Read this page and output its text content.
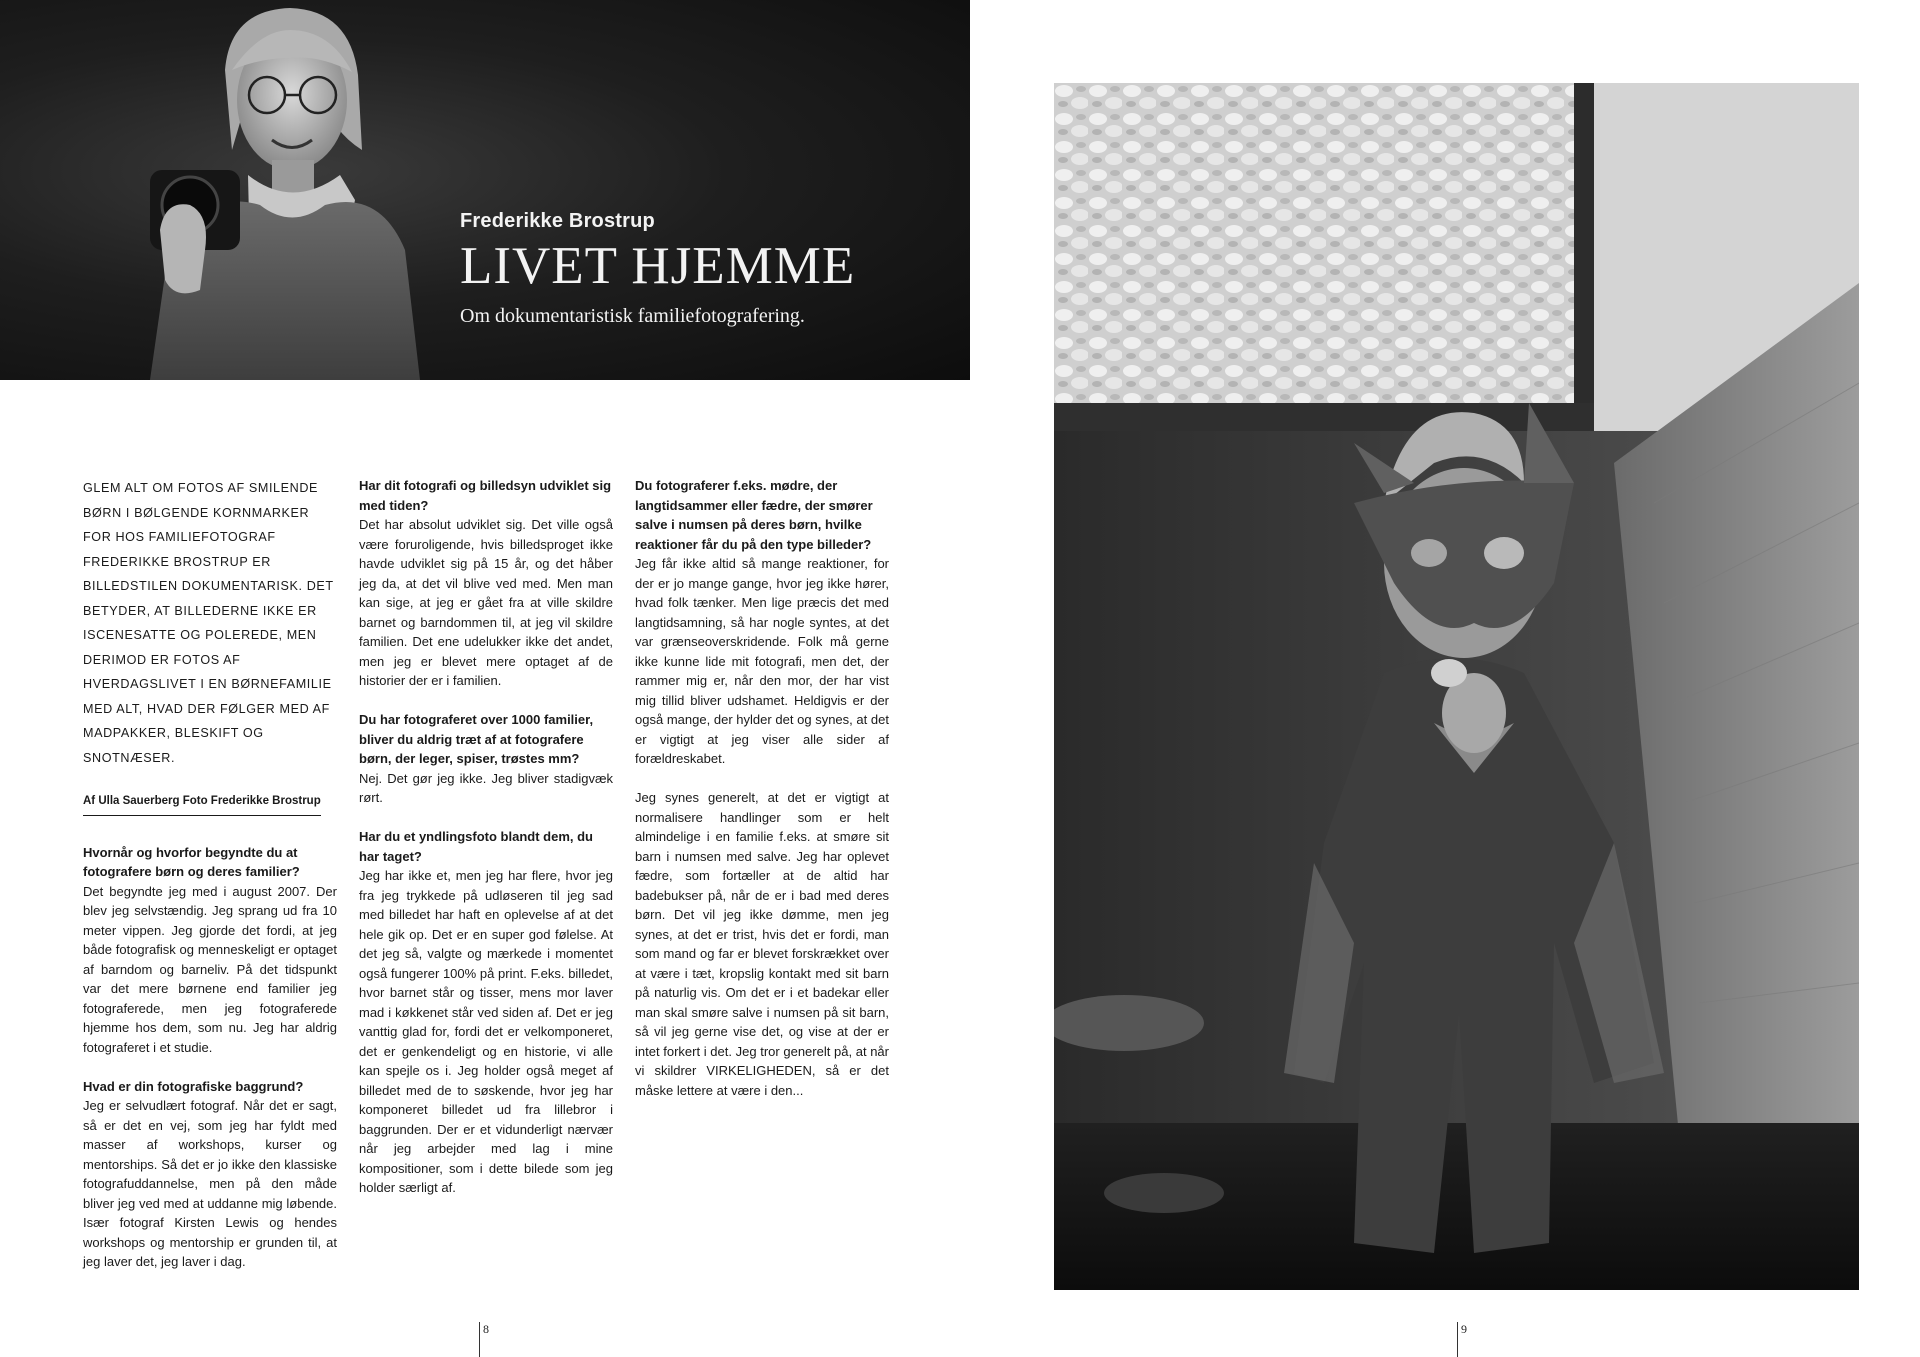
Frederikke Brostrup
LIVET HJEMME
Om dokumentaristisk familiefotografering.
GLEM ALT OM FOTOS AF SMILENDE BØRN I BØLGENDE KORNMARKER FOR HOS FAMILIEFOTOGRAF FREDERIKKE BROSTRUP ER BILLEDSTILEN DOKUMENTARISK. DET BETYDER, AT BILLEDERNE IKKE ER ISCENESATTE OG POLEREDE, MEN DERIMOD ER FOTOS AF HVERDAGSLIVET I EN BØRNEFAMILIE MED ALT, HVAD DER FØLGER MED AF MADPAKKER, BLESKIFT OG SNOTNÆSER.
Af Ulla Sauerberg Foto Frederikke Brostrup
Hvornår og hvorfor begyndte du at fotografere børn og deres familier?
Det begyndte jeg med i august 2007. Der blev jeg selvstændig. Jeg sprang ud fra 10 meter vippen. Jeg gjorde det fordi, at jeg både fotografisk og menneskeligt er optaget af barndom og barneliv. På det tidspunkt var det mere børnene end familier jeg fotograferede, men jeg fotograferede hjemme hos dem, som nu. Jeg har aldrig fotograferet i et studie.
Hvad er din fotografiske baggrund?
Jeg er selvudlært fotograf. Når det er sagt, så er det en vej, som jeg har fyldt med masser af workshops, kurser og mentorships. Så det er jo ikke den klassiske fotografuddannelse, men på den måde bliver jeg ved med at uddanne mig løbende. Især fotograf Kirsten Lewis og hendes workshops og mentorship er grunden til, at jeg laver det, jeg laver i dag.
Har dit fotografi og billedsyn udviklet sig med tiden?
Det har absolut udviklet sig. Det ville også være foruroligende, hvis billedsproget ikke havde udviklet sig på 15 år, og det håber jeg da, at det vil blive ved med. Men man kan sige, at jeg er gået fra at ville skildre barnet og barndommen til, at jeg vil skildre familien. Det ene udelukker ikke det andet, men jeg er blevet mere optaget af de historier der er i familien.
Du har fotograferet over 1000 familier, bliver du aldrig træt af at fotografere børn, der leger, spiser, trøstes mm?
Nej. Det gør jeg ikke. Jeg bliver stadigvæk rørt.
Har du et yndlingsfoto blandt dem, du har taget?
Jeg har ikke et, men jeg har flere, hvor jeg fra jeg trykkede på udløseren til jeg sad med billedet har haft en oplevelse af at det hele gik op. Det er en super god følelse. At det jeg så, valgte og mærkede i momentet også fungerer 100% på print. F.eks. billedet, hvor barnet står og tisser, mens mor laver mad i køkkenet står ved siden af. Det er jeg vanttig glad for, fordi det er velkomponeret, det er genkendeligt og en historie, vi alle kan spejle os i. Jeg holder også meget af billedet med de to søskende, hvor jeg har komponeret billedet ud fra lillebror i baggrunden. Der er et vidunderligt nærvær når jeg arbejder med lag i mine kompositioner, som i dette bilede som jeg holder særligt af.
Du fotograferer f.eks. mødre, der langtidsammer eller fædre, der smører salve i numsen på deres børn, hvilke reaktioner får du på den type billeder?
Jeg får ikke altid så mange reaktioner, for der er jo mange gange, hvor jeg ikke hører, hvad folk tænker. Men lige præcis det med langtidsamning, så har nogle syntes, at det var grænseoverskridende. Folk må gerne ikke kunne lide mit fotografi, men det, der rammer mig er, når den mor, der har vist mig tillid bliver udshamet. Heldigvis er der også mange, der hylder det og synes, at det er vigtigt at jeg viser alle sider af forældreskabet.
Jeg synes generelt, at det er vigtigt at normalisere handlinger som er helt almindelige i en familie f.eks. at smøre sit barn i numsen med salve. Jeg har oplevet fædre, som fortæller at de altid har badebukser på, når de er i bad med deres børn. Det vil jeg ikke dømme, men jeg synes, at det er trist, hvis det er fordi, man som mand og far er blevet forskrækket over at være i tæt, kropslig kontakt med sit barn på naturlig vis. Om det er i et badekar eller man skal smøre salve i numsen på sit barn, så vil jeg gerne vise det, og vise at der er intet forkert i det. Jeg tror generelt på, at når vi skildrer VIRKELIGHEDEN, så er det måske lettere at være i den...
8	9
